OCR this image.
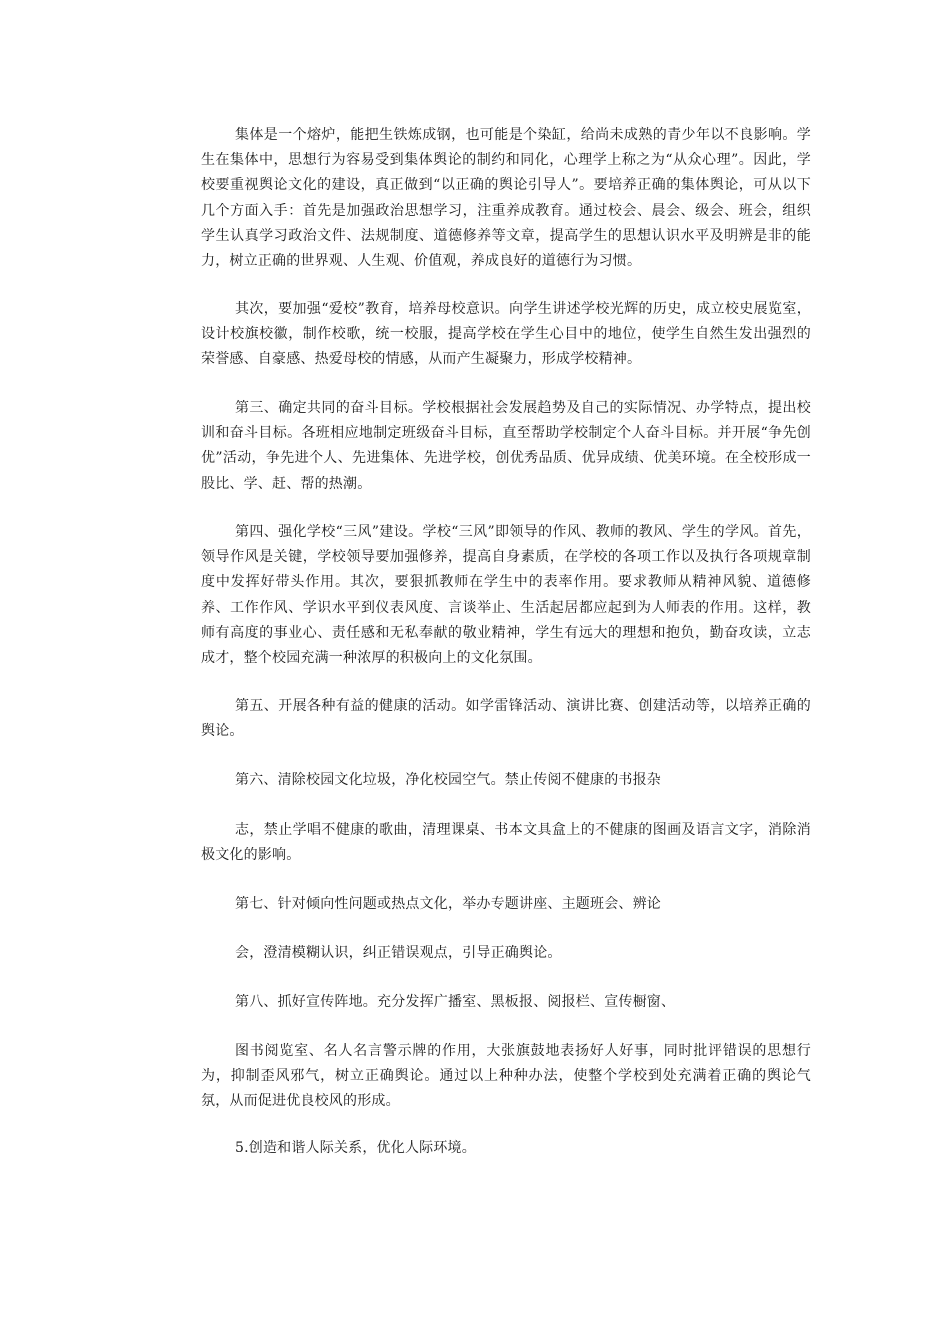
集体是一个熔炉，能把生铁炼成钢，也可能是个染缸，给尚未成熟的青少年以不良影响。学生在集体中，思想行为容易受到集体舆论的制约和同化，心理学上称之为“从众心理”。因此，学校要重视舆论文化的建设，真正做到“以正确的舆论引导人”。要培养正确的集体舆论，可从以下几个方面入手：首先是加强政治思想学习，注重养成教育。通过校会、晨会、级会、班会，组织学生认真学习政治文件、法规制度、道德修养等文章，提高学生的思想认识水平及明辨是非的能力，树立正确的世界观、人生观、价值观，养成良好的道德行为习惯。

其次，要加强“爱校”教育，培养母校意识。向学生讲述学校光辉的历史，成立校史展览室，设计校旗校徽，制作校歌，统一校服，提高学校在学生心目中的地位，使学生自然生发出强烈的荣誉感、自豪感、热爱母校的情感，从而产生凝聚力，形成学校精神。

第三、确定共同的奋斗目标。学校根据社会发展趋势及自己的实际情况、办学特点，提出校训和奋斗目标。各班相应地制定班级奋斗目标，直至帮助学校制定个人奋斗目标。并开展“争先创优”活动，争先进个人、先进集体、先进学校，创优秀品质、优异成绩、优美环境。在全校形成一股比、学、赶、帮的热潮。

第四、强化学校“三风”建设。学校“三风”即领导的作风、教师的教风、学生的学风。首先，领导作风是关键，学校领导要加强修养，提高自身素质，在学校的各项工作以及执行各项规章制度中发挥好带头作用。其次，要狠抓教师在学生中的表率作用。要求教师从精神风貌、道德修养、工作作风、学识水平到仪表风度、言谈举止、生活起居都应起到为人师表的作用。这样，教师有高度的事业心、责任感和无私奉献的敬业精神，学生有远大的理想和抱负，勤奋攻读，立志成才，整个校园充满一种浓厚的积极向上的文化氛围。

第五、开展各种有益的健康的活动。如学雷锋活动、演讲比赛、创建活动等，以培养正确的舆论。

第六、清除校园文化垃圾，净化校园空气。禁止传阅不健康的书报杂

志，禁止学唱不健康的歌曲，清理课桌、书本文具盒上的不健康的图画及语言文字，消除消极文化的影响。

第七、针对倾向性问题或热点文化，举办专题讲座、主题班会、辨论

会，澄清模糊认识，纠正错误观点，引导正确舆论。

第八、抓好宣传阵地。充分发挥广播室、黑板报、阅报栏、宣传橱窗、

图书阅览室、名人名言警示牌的作用，大张旗鼓地表扬好人好事，同时批评错误的思想行为，抑制歪风邪气，树立正确舆论。通过以上种种办法，使整个学校到处充满着正确的舆论气氛，从而促进优良校风的形成。

5.创造和谐人际关系，优化人际环境。
